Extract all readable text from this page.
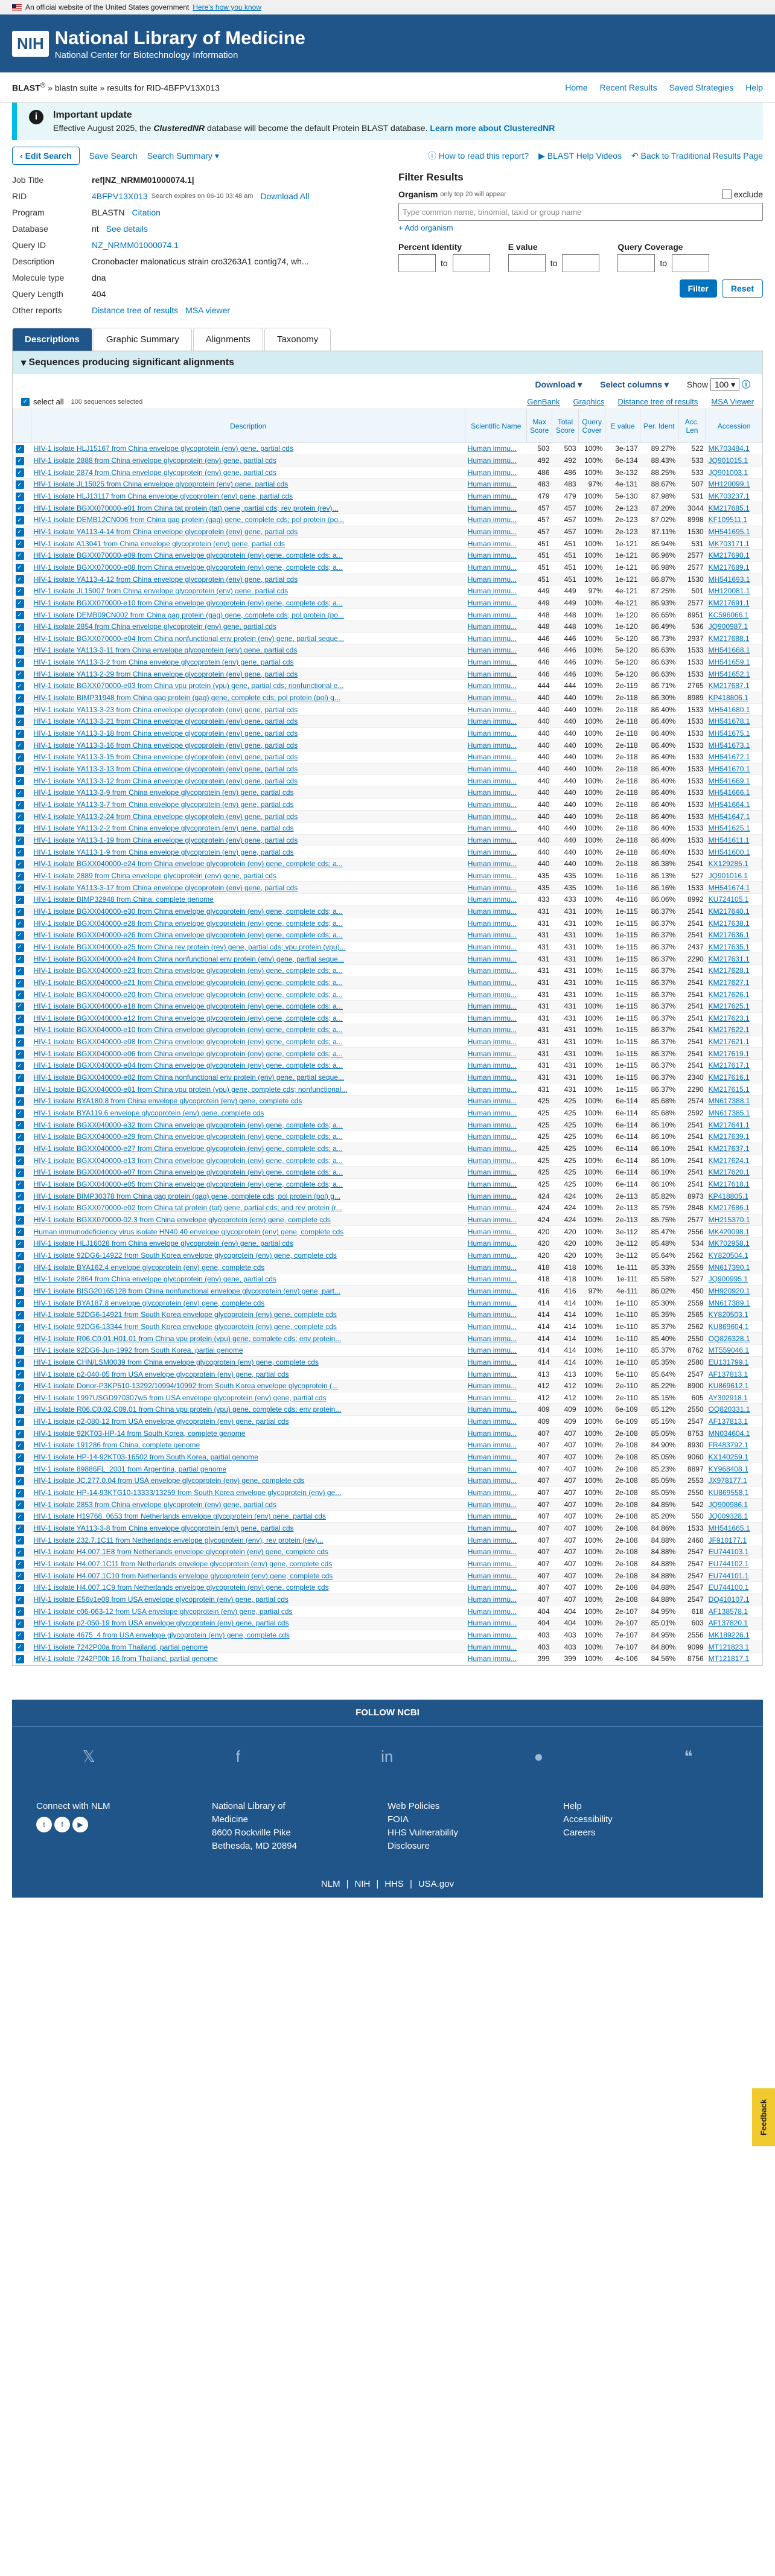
An official website of the United States government Here's how you know
NIH National Library of Medicine
National Center for Biotechnology Information
BLAST® » blastn suite » results for RID-4BFPV13X013	Home Recent Results Saved Strategies Help
i	Important update
Effective August 2025, the ClusteredNR database will become the default Protein BLAST database. Learn more about ClusteredNR
‹ Edit Search	Save Search Search Summary ▾	ⓘ How to read this report? ▶ BLAST Help Videos ↶ Back to Traditional Results Page
Job Title	ref|NZ_NRMM01000074.1|
RID	4BFPV13X013 Search expires on 06-10 03:48 am Download All
Program	BLASTN Citation
Database	nt See details
Query ID	NZ_NRMM01000074.1
Description	Cronobacter malonaticus strain cro3263A1 contig74, wh...
Molecule type	dna
Query Length	404
Other reports	Distance tree of results MSA viewer
Filter Results
Organism only top 20 will appear	exclude
Type common name, binomial, taxid or group name
+ Add organism
Percent Identity
to
E value
to
Query Coverage
to
Filter	Reset
Descriptions	Graphic Summary	Alignments	Taxonomy
▾ Sequences producing significant alignments
Download ▾ Select columns ▾ Show 100 ▾ ⓘ
✓ select all 100 sequences selected	GenBank Graphics Distance tree of results MSA Viewer
	Description	Scientific Name	Max Score	Total Score	Query Cover	E value	Per. Ident	Acc. Len	Accession
✓	HIV-1 isolate HLJ15167 from China envelope glycoprotein (env) gene, partial cds	Human immu...	503	503	100%	3e-137	89.27%	522	MK703484.1
✓	HIV-1 isolate 2888 from China envelope glycoprotein (env) gene, partial cds	Human immu...	492	492	100%	6e-134	88.43%	533	JQ901015.1
✓	HIV-1 isolate 2874 from China envelope glycoprotein (env) gene, partial cds	Human immu...	486	486	100%	3e-132	88.25%	533	JQ901003.1
✓	HIV-1 isolate JL15025 from China envelope glycoprotein (env) gene, partial cds	Human immu...	483	483	97%	4e-131	88.67%	507	MH120099.1
✓	HIV-1 isolate HLJ13117 from China envelope glycoprotein (env) gene, partial cds	Human immu...	479	479	100%	5e-130	87.98%	531	MK703237.1
✓	HIV-1 isolate BGXX070000-e01 from China tat protein (tat) gene, partial cds; rev protein (rev)...	Human immu...	457	457	100%	2e-123	87.20%	3044	KM217685.1
✓	HIV-1 isolate DEMB12CN006 from China gag protein (gag) gene, complete cds; pol protein (po...	Human immu...	457	457	100%	2e-123	87.02%	8998	KF109511.1
✓	HIV-1 isolate YA113-4-14 from China envelope glycoprotein (env) gene, partial cds	Human immu...	457	457	100%	2e-123	87.11%	1530	MH541695.1
✓	HIV-1 isolate A13041 from China envelope glycoprotein (env) gene, partial cds	Human immu...	451	451	100%	1e-121	86.94%	531	MK703171.1
✓	HIV-1 isolate BGXX070000-e09 from China envelope glycoprotein (env) gene, complete cds; a...	Human immu...	451	451	100%	1e-121	86.96%	2577	KM217690.1
✓	HIV-1 isolate BGXX070000-e08 from China envelope glycoprotein (env) gene, complete cds; a...	Human immu...	451	451	100%	1e-121	86.98%	2577	KM217689.1
✓	HIV-1 isolate YA113-4-12 from China envelope glycoprotein (env) gene, partial cds	Human immu...	451	451	100%	1e-121	86.87%	1530	MH541693.1
✓	HIV-1 isolate JL15007 from China envelope glycoprotein (env) gene, partial cds	Human immu...	449	449	97%	4e-121	87.25%	501	MH120081.1
✓	HIV-1 isolate BGXX070000-e10 from China envelope glycoprotein (env) gene, complete cds; a...	Human immu...	449	449	100%	4e-121	86.93%	2577	KM217691.1
✓	HIV-1 isolate DEMB09CN002 from China gag protein (gag) gene, complete cds; pol protein (po...	Human immu...	448	448	100%	1e-120	86.65%	8951	KC596066.1
✓	HIV-1 isolate 2854 from China envelope glycoprotein (env) gene, partial cds	Human immu...	448	448	100%	1e-120	86.49%	536	JQ900987.1
✓	HIV-1 isolate BGXX070000-e04 from China nonfunctional env protein (env) gene, partial seque...	Human immu...	446	446	100%	5e-120	86.73%	2937	KM217688.1
✓	HIV-1 isolate YA113-3-11 from China envelope glycoprotein (env) gene, partial cds	Human immu...	446	446	100%	5e-120	86.63%	1533	MH541668.1
✓	HIV-1 isolate YA113-3-2 from China envelope glycoprotein (env) gene, partial cds	Human immu...	446	446	100%	5e-120	86.63%	1533	MH541659.1
✓	HIV-1 isolate YA113-2-29 from China envelope glycoprotein (env) gene, partial cds	Human immu...	446	446	100%	5e-120	86.63%	1533	MH541652.1
✓	HIV-1 isolate BGXX070000-e03 from China vpu protein (vpu) gene, partial cds; nonfunctional e...	Human immu...	444	444	100%	2e-119	86.71%	2765	KM217687.1
✓	HIV-1 isolate BIMP31948 from China gag protein (gag) gene, complete cds; pol protein (pol) g...	Human immu...	440	440	100%	2e-118	86.30%	8989	KP418806.1
✓	HIV-1 isolate YA113-3-23 from China envelope glycoprotein (env) gene, partial cds	Human immu...	440	440	100%	2e-118	86.40%	1533	MH541680.1
✓	HIV-1 isolate YA113-3-21 from China envelope glycoprotein (env) gene, partial cds	Human immu...	440	440	100%	2e-118	86.40%	1533	MH541678.1
✓	HIV-1 isolate YA113-3-18 from China envelope glycoprotein (env) gene, partial cds	Human immu...	440	440	100%	2e-118	86.40%	1533	MH541675.1
✓	HIV-1 isolate YA113-3-16 from China envelope glycoprotein (env) gene, partial cds	Human immu...	440	440	100%	2e-118	86.40%	1533	MH541673.1
✓	HIV-1 isolate YA113-3-15 from China envelope glycoprotein (env) gene, partial cds	Human immu...	440	440	100%	2e-118	86.40%	1533	MH541672.1
✓	HIV-1 isolate YA113-3-13 from China envelope glycoprotein (env) gene, partial cds	Human immu...	440	440	100%	2e-118	86.40%	1533	MH541670.1
✓	HIV-1 isolate YA113-3-12 from China envelope glycoprotein (env) gene, partial cds	Human immu...	440	440	100%	2e-118	86.40%	1533	MH541669.1
✓	HIV-1 isolate YA113-3-9 from China envelope glycoprotein (env) gene, partial cds	Human immu...	440	440	100%	2e-118	86.40%	1533	MH541666.1
✓	HIV-1 isolate YA113-3-7 from China envelope glycoprotein (env) gene, partial cds	Human immu...	440	440	100%	2e-118	86.40%	1533	MH541664.1
✓	HIV-1 isolate YA113-2-24 from China envelope glycoprotein (env) gene, partial cds	Human immu...	440	440	100%	2e-118	86.40%	1533	MH541647.1
✓	HIV-1 isolate YA113-2-2 from China envelope glycoprotein (env) gene, partial cds	Human immu...	440	440	100%	2e-118	86.40%	1533	MH541625.1
✓	HIV-1 isolate YA113-1-19 from China envelope glycoprotein (env) gene, partial cds	Human immu...	440	440	100%	2e-118	86.40%	1533	MH541611.1
✓	HIV-1 isolate YA113-1-9 from China envelope glycoprotein (env) gene, partial cds	Human immu...	440	440	100%	2e-118	86.40%	1533	MH541600.1
✓	HIV-1 isolate BGXX040000-e24 from China envelope glycoprotein (env) gene, complete cds; a...	Human immu...	440	440	100%	2e-118	86.38%	2541	KX129285.1
✓	HIV-1 isolate 2889 from China envelope glycoprotein (env) gene, partial cds	Human immu...	435	435	100%	1e-116	86.13%	527	JQ901016.1
✓	HIV-1 isolate YA113-3-17 from China envelope glycoprotein (env) gene, partial cds	Human immu...	435	435	100%	1e-116	86.16%	1533	MH541674.1
✓	HIV-1 isolate BIMP32948 from China, complete genome	Human immu...	433	433	100%	4e-116	86.06%	8992	KU724105.1
✓	HIV-1 isolate BGXX040000-e30 from China envelope glycoprotein (env) gene, complete cds; a...	Human immu...	431	431	100%	1e-115	86.37%	2541	KM217640.1
✓	HIV-1 isolate BGXX040000-e28 from China envelope glycoprotein (env) gene, complete cds; a...	Human immu...	431	431	100%	1e-115	86.37%	2541	KM217638.1
✓	HIV-1 isolate BGXX040000-e26 from China envelope glycoprotein (env) gene, complete cds; a...	Human immu...	431	431	100%	1e-115	86.37%	2541	KM217636.1
✓	HIV-1 isolate BGXX040000-e25 from China rev protein (rev) gene, partial cds; vpu protein (vpu)...	Human immu...	431	431	100%	1e-115	86.37%	2437	KM217635.1
✓	HIV-1 isolate BGXX040000-e24 from China nonfunctional env protein (env) gene, partial seque...	Human immu...	431	431	100%	1e-115	86.37%	2290	KM217631.1
✓	HIV-1 isolate BGXX040000-e23 from China envelope glycoprotein (env) gene, complete cds; a...	Human immu...	431	431	100%	1e-115	86.37%	2541	KM217628.1
✓	HIV-1 isolate BGXX040000-e21 from China envelope glycoprotein (env) gene, complete cds; a...	Human immu...	431	431	100%	1e-115	86.37%	2541	KM217627.1
✓	HIV-1 isolate BGXX040000-e20 from China envelope glycoprotein (env) gene, complete cds; a...	Human immu...	431	431	100%	1e-115	86.37%	2541	KM217626.1
✓	HIV-1 isolate BGXX040000-e18 from China envelope glycoprotein (env) gene, complete cds; a...	Human immu...	431	431	100%	1e-115	86.37%	2541	KM217625.1
✓	HIV-1 isolate BGXX040000-e12 from China envelope glycoprotein (env) gene, complete cds; a...	Human immu...	431	431	100%	1e-115	86.37%	2541	KM217623.1
✓	HIV-1 isolate BGXX040000-e10 from China envelope glycoprotein (env) gene, complete cds; a...	Human immu...	431	431	100%	1e-115	86.37%	2541	KM217622.1
✓	HIV-1 isolate BGXX040000-e08 from China envelope glycoprotein (env) gene, complete cds; a...	Human immu...	431	431	100%	1e-115	86.37%	2541	KM217621.1
✓	HIV-1 isolate BGXX040000-e06 from China envelope glycoprotein (env) gene, complete cds; a...	Human immu...	431	431	100%	1e-115	86.37%	2541	KM217619.1
✓	HIV-1 isolate BGXX040000-e04 from China envelope glycoprotein (env) gene, complete cds; a...	Human immu...	431	431	100%	1e-115	86.37%	2541	KM217617.1
✓	HIV-1 isolate BGXX040000-e02 from China nonfunctional env protein (env) gene, partial seque...	Human immu...	431	431	100%	1e-115	86.37%	2340	KM217616.1
✓	HIV-1 isolate BGXX040000-e01 from China vpu protein (vpu) gene, complete cds; nonfunctional...	Human immu...	431	431	100%	1e-115	86.37%	2290	KM217615.1
✓	HIV-1 isolate BYA180.8 from China envelope glycoprotein (env) gene, complete cds	Human immu...	425	425	100%	6e-114	85.68%	2574	MN617388.1
✓	HIV-1 isolate BYA119.6 envelope glycoprotein (env) gene, complete cds	Human immu...	425	425	100%	6e-114	85.68%	2592	MN617385.1
✓	HIV-1 isolate BGXX040000-e32 from China envelope glycoprotein (env) gene, complete cds; a...	Human immu...	425	425	100%	6e-114	86.10%	2541	KM217641.1
✓	HIV-1 isolate BGXX040000-e29 from China envelope glycoprotein (env) gene, complete cds; a...	Human immu...	425	425	100%	6e-114	86.10%	2541	KM217639.1
✓	HIV-1 isolate BGXX040000-e27 from China envelope glycoprotein (env) gene, complete cds; a...	Human immu...	425	425	100%	6e-114	86.10%	2541	KM217637.1
✓	HIV-1 isolate BGXX040000-e13 from China envelope glycoprotein (env) gene, complete cds; a...	Human immu...	425	425	100%	6e-114	86.10%	2541	KM217624.1
✓	HIV-1 isolate BGXX040000-e07 from China envelope glycoprotein (env) gene, complete cds; a...	Human immu...	425	425	100%	6e-114	86.10%	2541	KM217620.1
✓	HIV-1 isolate BGXX040000-e05 from China envelope glycoprotein (env) gene, complete cds; a...	Human immu...	425	425	100%	6e-114	86.10%	2541	KM217618.1
✓	HIV-1 isolate BIMP30378 from China gag protein (gag) gene, complete cds; pol protein (pol) g...	Human immu...	424	424	100%	2e-113	85.82%	8973	KP418805.1
✓	HIV-1 isolate BGXX070000-e02 from China tat protein (tat) gene, partial cds; and rev protein (r...	Human immu...	424	424	100%	2e-113	85.75%	2848	KM217686.1
✓	HIV-1 isolate BGXX070000-02.3 from China envelope glycoprotein (env) gene, complete cds	Human immu...	424	424	100%	2e-113	85.75%	2577	MH215370.1
✓	Human immunodeficiency virus isolate HN40.40 envelope glycoprotein (env) gene, complete cds	Human immu...	420	420	100%	3e-112	85.47%	2556	MK420098.1
✓	HIV-1 isolate HLJ16028 from China envelope glycoprotein (env) gene, partial cds	Human immu...	420	420	100%	3e-112	85.48%	534	MK702958.1
✓	HIV-1 isolate 92DG6-14922 from South Korea envelope glycoprotein (env) gene, complete cds	Human immu...	420	420	100%	3e-112	85.64%	2562	KY820504.1
✓	HIV-1 isolate BYA162.4 envelope glycoprotein (env) gene, complete cds	Human immu...	418	418	100%	1e-111	85.33%	2559	MN617390.1
✓	HIV-1 isolate 2864 from China envelope glycoprotein (env) gene, partial cds	Human immu...	418	418	100%	1e-111	85.58%	527	JQ900995.1
✓	HIV-1 isolate BISG20165128 from China nonfunctional envelope glycoprotein (env) gene, part...	Human immu...	416	416	97%	4e-111	86.02%	450	MH920920.1
✓	HIV-1 isolate BYA187.8 envelope glycoprotein (env) gene, complete cds	Human immu...	414	414	100%	1e-110	85.30%	2559	MN617389.1
✓	HIV-1 isolate 92DG6-14921 from South Korea envelope glycoprotein (env) gene, complete cds	Human immu...	414	414	100%	1e-110	85.35%	2565	KY820503.1
✓	HIV-1 isolate 92DG6-13344 from South Korea envelope glycoprotein (env) gene, complete cds	Human immu...	414	414	100%	1e-110	85.37%	2562	KU869604.1
✓	HIV-1 isolate R06.C0.01.H01.01 from China vpu protein (vpu) gene, complete cds; env protein...	Human immu...	414	414	100%	1e-110	85.40%	2550	OQ826328.1
✓	HIV-1 isolate 92DG6-Jun-1992 from South Korea, partial genome	Human immu...	414	414	100%	1e-110	85.37%	8762	MT559046.1
✓	HIV-1 isolate CHN/LSM0039 from China envelope glycoprotein (env) gene, complete cds	Human immu...	414	414	100%	1e-110	85.35%	2580	EU131799.1
✓	HIV-1 isolate p2-040-05 from USA envelope glycoprotein (env) gene, partial cds	Human immu...	413	413	100%	5e-110	85.64%	2547	AF137813.1
✓	HIV-1 isolate Donor-P3KP510-13292/10994/10992 from South Korea envelope glycoprotein (...	Human immu...	412	412	100%	2e-110	85.22%	8900	KU869612.1
✓	HIV-1 isolate 1997USGD970307w5 from USA envelope glycoprotein (env) gene, partial cds	Human immu...	412	412	100%	2e-110	85.15%	605	AY302918.1
✓	HIV-1 isolate R06.C0.02.C09.01 from China vpu protein (vpu) gene, complete cds; env protein...	Human immu...	409	409	100%	6e-109	85.12%	2550	OQ820331.1
✓	HIV-1 isolate p2-080-12 from USA envelope glycoprotein (env) gene, partial cds	Human immu...	409	409	100%	6e-109	85.15%	2547	AF137813.1
✓	HIV-1 isolate 92KT03-HP-14 from South Korea, complete genome	Human immu...	407	407	100%	2e-108	85.05%	8753	MN034604.1
✓	HIV-1 isolate 191286 from China, complete genome	Human immu...	407	407	100%	2e-108	84.90%	8930	FR483792.1
✓	HIV-1 isolate HP-14-92KT03-16502 from South Korea, partial genome	Human immu...	407	407	100%	2e-108	85.05%	9060	KX140259.1
✓	HIV-1 isolate 89886FL_2001 from Argentina, partial genome	Human immu...	407	407	100%	2e-108	85.23%	8897	KY968408.1
✓	HIV-1 isolate JC.277.0.04 from USA envelope glycoprotein (env) gene, complete cds	Human immu...	407	407	100%	2e-108	85.05%	2553	JX978177.1
✓	HIV-1 isolate HP-14-93KTG10-13333/13259 from South Korea envelope glycoprotein (env) ge...	Human immu...	407	407	100%	2e-108	85.05%	2550	KU869558.1
✓	HIV-1 isolate 2853 from China envelope glycoprotein (env) gene, partial cds	Human immu...	407	407	100%	2e-108	84.85%	542	JQ900986.1
✓	HIV-1 isolate H19768_0653 from Netherlands envelope glycoprotein (env) gene, partial cds	Human immu...	407	407	100%	2e-108	85.20%	550	JQ009328.1
✓	HIV-1 isolate YA113-3-8 from China envelope glycoprotein (env) gene, partial cds	Human immu...	407	407	100%	2e-108	84.86%	1533	MH541665.1
✓	HIV-1 isolate 232.7.1C11 from Netherlands envelope glycoprotein (env), rev protein (rev)...	Human immu...	407	407	100%	2e-108	84.88%	2460	JF910177.1
✓	HIV-1 isolate H4.007.1E8 from Netherlands envelope glycoprotein (env) gene, complete cds	Human immu...	407	407	100%	2e-108	84.88%	2547	EU744103.1
✓	HIV-1 isolate H4.007.1C11 from Netherlands envelope glycoprotein (env) gene, complete cds	Human immu...	407	407	100%	2e-108	84.88%	2547	EU744102.1
✓	HIV-1 isolate H4.007.1C10 from Netherlands envelope glycoprotein (env) gene, complete cds	Human immu...	407	407	100%	2e-108	84.88%	2547	EU744101.1
✓	HIV-1 isolate H4.007.1C9 from Netherlands envelope glycoprotein (env) gene, complete cds	Human immu...	407	407	100%	2e-108	84.88%	2547	EU744100.1
✓	HIV-1 isolate E56v1e08 from USA envelope glycoprotein (env) gene, partial cds	Human immu...	407	407	100%	2e-108	84.88%	2547	DQ410107.1
✓	HIV-1 isolate c06-063-12 from USA envelope glycoprotein (env) gene, partial cds	Human immu...	404	404	100%	2e-107	84.95%	618	AF138578.1
✓	HIV-1 isolate p2-050-19 from USA envelope glycoprotein (env) gene, partial cds	Human immu...	404	404	100%	2e-107	85.01%	603	AF137820.1
✓	HIV-1 isolate 4675_4 from USA envelope glycoprotein (env) gene, complete cds	Human immu...	403	403	100%	7e-107	84.95%	2556	MK189226.1
✓	HIV-1 isolate 7242P00a from Thailand, partial genome	Human immu...	403	403	100%	7e-107	84.80%	9099	MT121823.1
✓	HIV-1 isolate 7242P00b 16 from Thailand, partial genome	Human immu...	399	399	100%	4e-106	84.56%	8756	MT121817.1
FOLLOW NCBI
𝕏	f	in	●	❝
Connect with NLM
t f ▶
National Library of
Medicine
8600 Rockville Pike
Bethesda, MD 20894
Web Policies
FOIA
HHS Vulnerability
Disclosure
Help
Accessibility
Careers
NLM | NIH | HHS | USA.gov
Feedback
